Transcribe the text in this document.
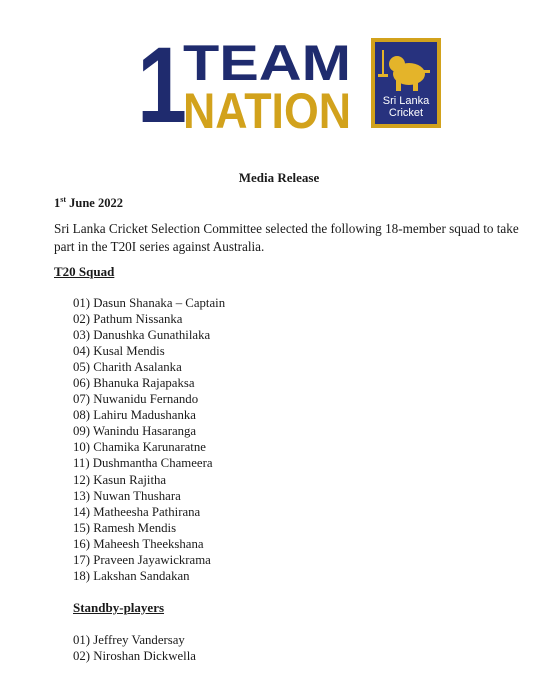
1
TEAM
NATION	Sri Lanka
Cricket
Media Release
1st June 2022
Sri Lanka Cricket Selection Committee selected the following 18-member squad to take part in the T20I series against Australia.
T20 Squad
01) Dasun Shanaka – Captain
02) Pathum Nissanka
03) Danushka Gunathilaka
04) Kusal Mendis
05) Charith Asalanka
06) Bhanuka Rajapaksa
07) Nuwanidu Fernando
08) Lahiru Madushanka
09) Wanindu Hasaranga
10) Chamika Karunaratne
11) Dushmantha Chameera
12) Kasun Rajitha
13) Nuwan Thushara
14) Matheesha Pathirana
15) Ramesh Mendis
16) Maheesh Theekshana
17) Praveen Jayawickrama
18) Lakshan Sandakan
Standby-players
01) Jeffrey Vandersay
02) Niroshan Dickwella
